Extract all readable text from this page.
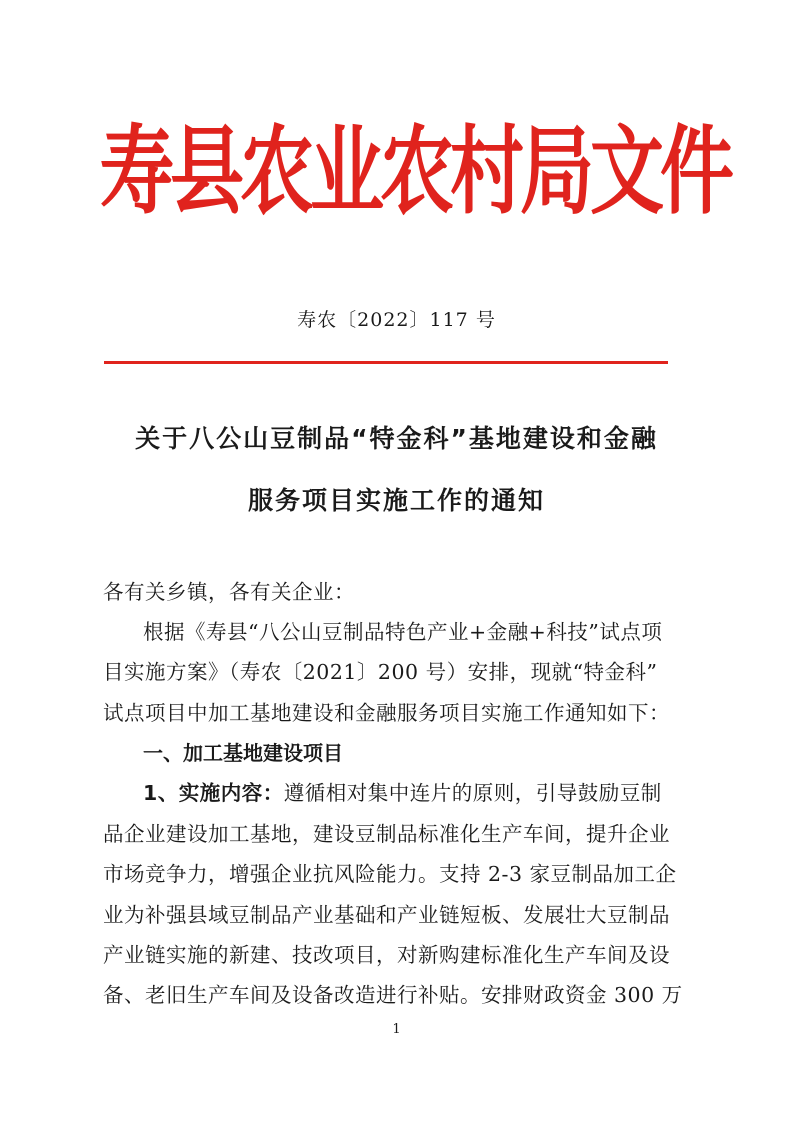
寿县农业农村局文件
寿农〔2022〕117 号
关于八公山豆制品“特金科”基地建设和金融
服务项目实施工作的通知
各有关乡镇，各有关企业：
根据《寿县“八公山豆制品特色产业+金融+科技”试点项
目实施方案》（寿农〔2021〕200 号）安排，现就“特金科”
试点项目中加工基地建设和金融服务项目实施工作通知如下：
一、加工基地建设项目
1、实施内容：遵循相对集中连片的原则，引导鼓励豆制
品企业建设加工基地，建设豆制品标准化生产车间，提升企业
市场竞争力，增强企业抗风险能力。支持 2-3 家豆制品加工企
业为补强县域豆制品产业基础和产业链短板、发展壮大豆制品
产业链实施的新建、技改项目，对新购建标准化生产车间及设
备、老旧生产车间及设备改造进行补贴。安排财政资金 300 万
1
